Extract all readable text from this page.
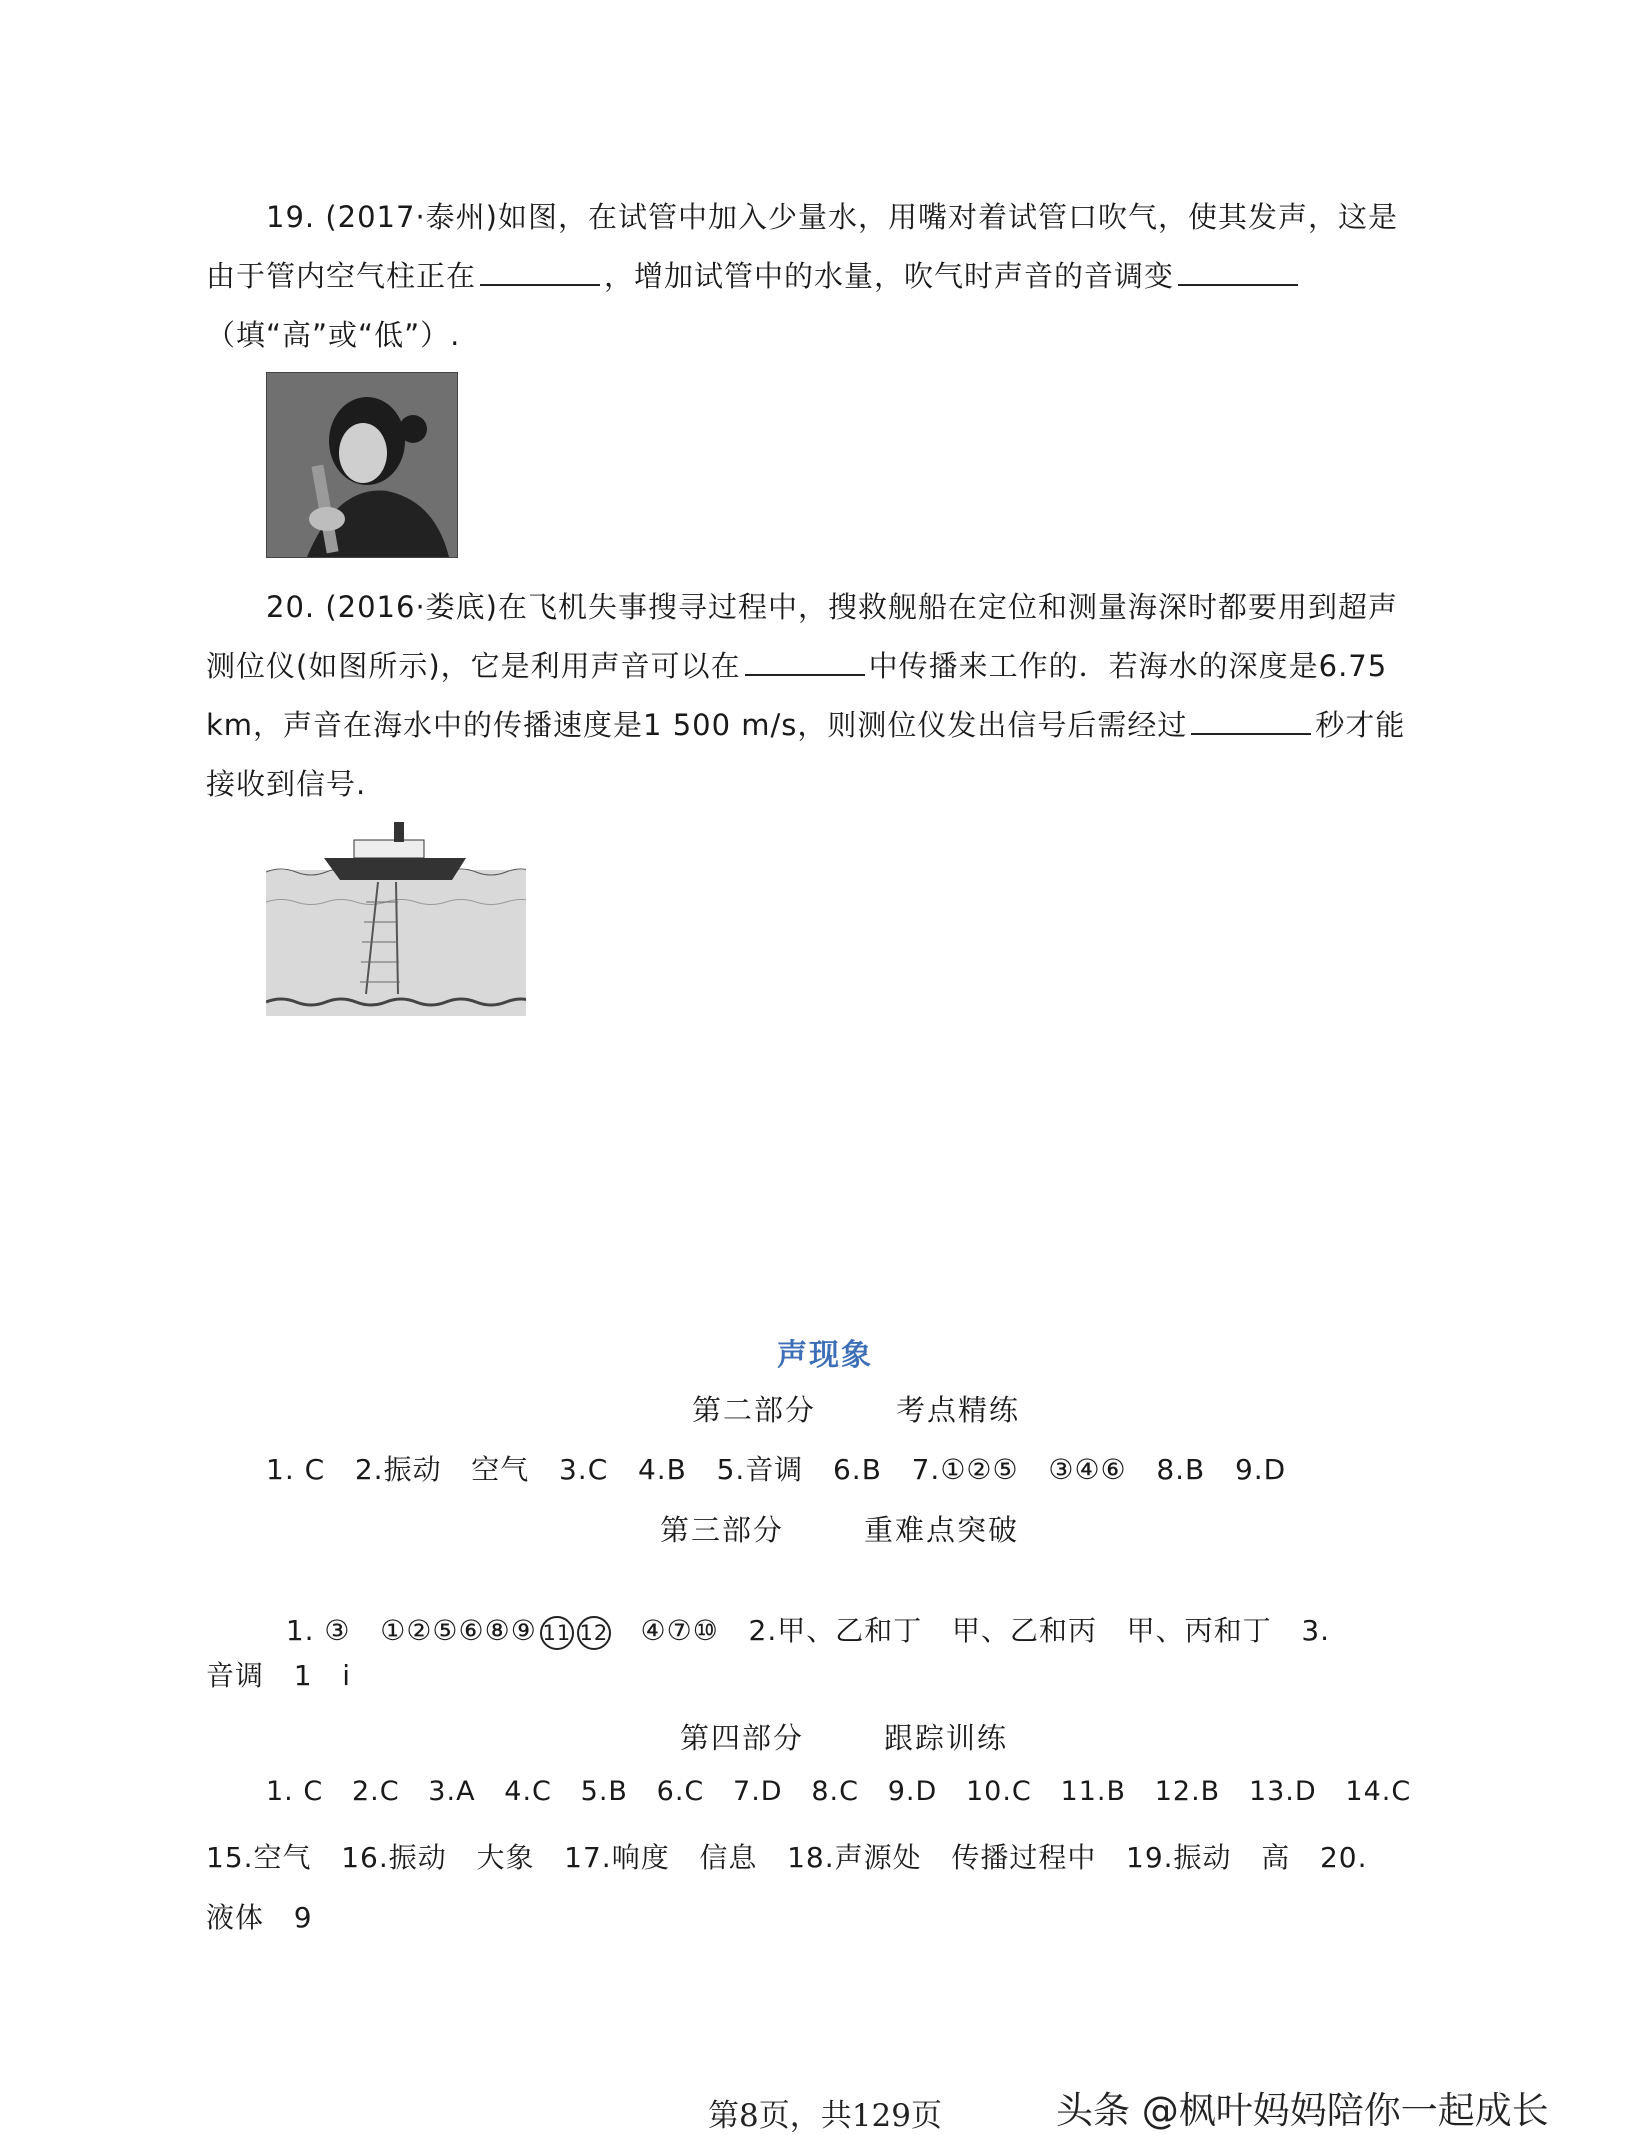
19. (2017·泰州)如图，在试管中加入少量水，用嘴对着试管口吹气，使其发声，这是由于管内空气柱正在	，增加试管中的水量，吹气时声音的音调变（填“高”或“低”）.

20. (2016·娄底)在飞机失事搜寻过程中，搜救舰船在定位和测量海深时都要用到超声测位仪(如图所示)，它是利用声音可以在	中传播来工作的．若海水的深度是6.75 km，声音在海水中的传播速度是1 500 m/s，则测位仪发出信号后需经过	秒才能接收到信号.

声现象
第二部分	考点精练
1. C   2.振动   空气   3.C   4.B   5.音调   6.B   7.①②⑤   ③④⑥   8.B   9.D
第三部分	重难点突破

1. ③   ①②⑤⑥⑧⑨ 11 12   ④⑦⑩   2.甲、乙和丁   甲、乙和丙   甲、丙和丁   3.

音调   1   i
第四部分	跟踪训练
1. C   2.C   3.A   4.C   5.B   6.C   7.D   8.C   9.D   10.C   11.B   12.B   13.D   14.C
15.空气   16.振动   大象   17.响度   信息   18.声源处   传播过程中   19.振动   高   20.
液体   9
头条 @枫叶妈妈陪你一起成长
第8页，共129页
